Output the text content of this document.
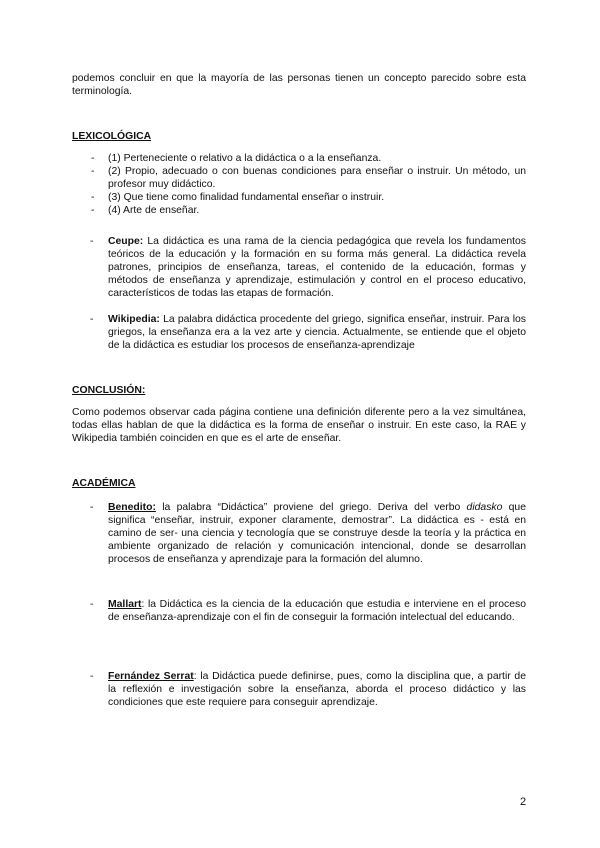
podemos concluir en que la mayoría de las personas tienen un concepto parecido sobre esta terminología.
LEXICOLÓGICA
- (1) Perteneciente o relativo a la didáctica o a la enseñanza.
- (2) Propio, adecuado o con buenas condiciones para enseñar o instruir. Un método, un profesor muy didáctico.
- (3) Que tiene como finalidad fundamental enseñar o instruir.
- (4) Arte de enseñar.
- Ceupe: La didáctica es una rama de la ciencia pedagógica que revela los fundamentos teóricos de la educación y la formación en su forma más general. La didáctica revela patrones, principios de enseñanza, tareas, el contenido de la educación, formas y métodos de enseñanza y aprendizaje, estimulación y control en el proceso educativo, característicos de todas las etapas de formación.
- Wikipedia: La palabra didáctica procedente del griego, significa enseñar, instruir. Para los griegos, la enseñanza era a la vez arte y ciencia. Actualmente, se entiende que el objeto de la didáctica es estudiar los procesos de enseñanza-aprendizaje
CONCLUSIÓN:
Como podemos observar cada página contiene una definición diferente pero a la vez simultánea, todas ellas hablan de que la didáctica es la forma de enseñar o instruir. En este caso, la RAE y Wikipedia también coinciden en que es el arte de enseñar.
ACADÉMICA
- Benedito: la palabra “Didáctica” proviene del griego. Deriva del verbo didasko que significa “enseñar, instruir, exponer claramente, demostrar”. La didáctica es - está en camino de ser- una ciencia y tecnología que se construye desde la teoría y la práctica en ambiente organizado de relación y comunicación intencional, donde se desarrollan procesos de enseñanza y aprendizaje para la formación del alumno.
- Mallart: la Didáctica es la ciencia de la educación que estudia e interviene en el proceso de enseñanza-aprendizaje con el fin de conseguir la formación intelectual del educando.
- Fernández Serrat: la Didáctica puede definirse, pues, como la disciplina que, a partir de la reflexión e investigación sobre la enseñanza, aborda el proceso didáctico y las condiciones que este requiere para conseguir aprendizaje.
2
